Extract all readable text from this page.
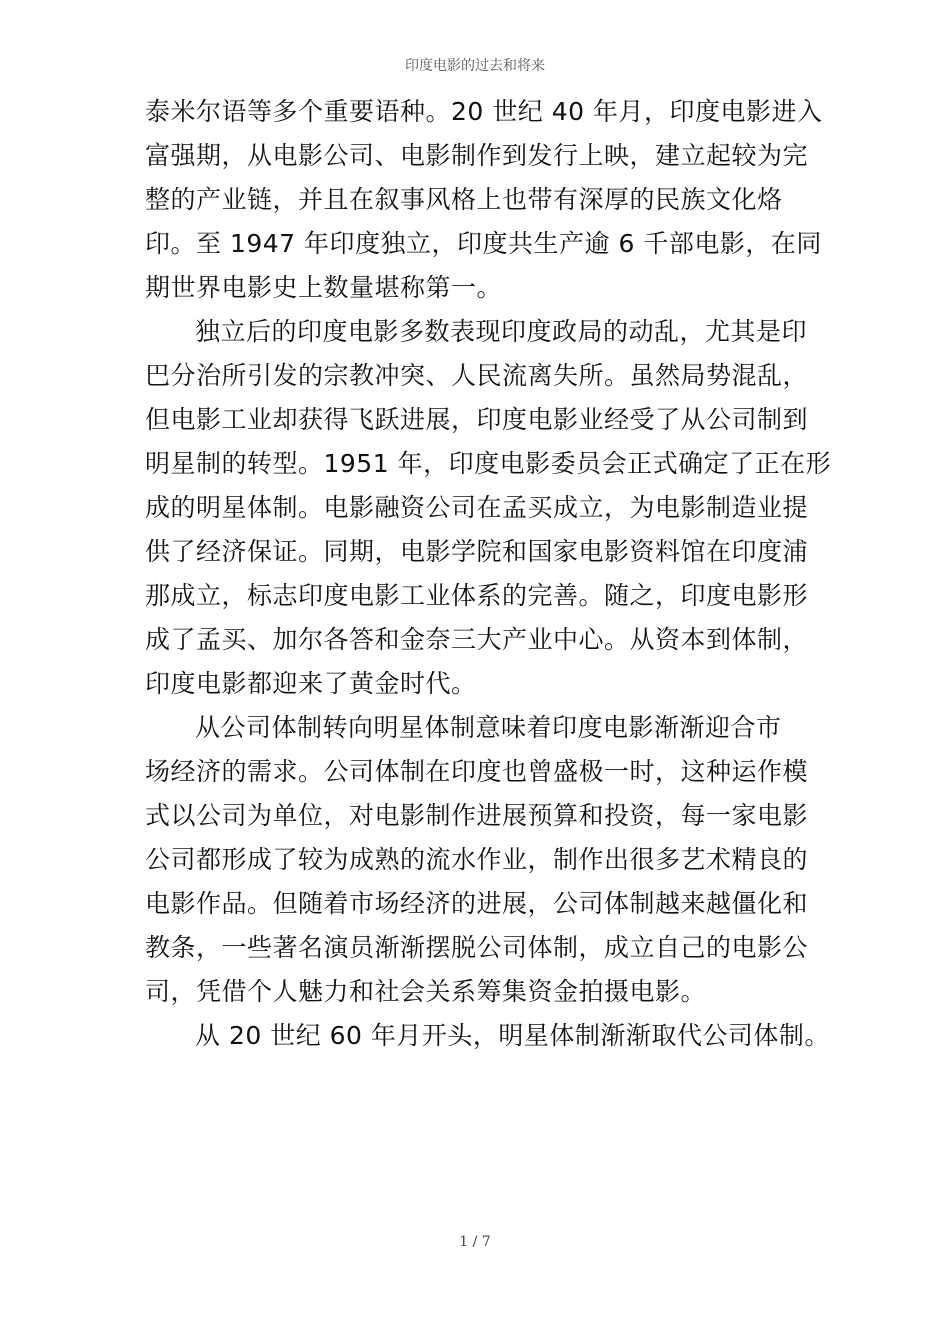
印度电影的过去和将来
泰米尔语等多个重要语种。20 世纪 40 年月，印度电影进入
富强期，从电影公司、电影制作到发行上映，建立起较为完
整的产业链，并且在叙事风格上也带有深厚的民族文化烙
印。至 1947 年印度独立，印度共生产逾 6 千部电影，在同
期世界电影史上数量堪称第一。
独立后的印度电影多数表现印度政局的动乱，尤其是印
巴分治所引发的宗教冲突、人民流离失所。虽然局势混乱，
但电影工业却获得飞跃进展，印度电影业经受了从公司制到
明星制的转型。1951 年，印度电影委员会正式确定了正在形
成的明星体制。电影融资公司在孟买成立，为电影制造业提
供了经济保证。同期，电影学院和国家电影资料馆在印度浦
那成立，标志印度电影工业体系的完善。随之，印度电影形
成了孟买、加尔各答和金奈三大产业中心。从资本到体制，
印度电影都迎来了黄金时代。
从公司体制转向明星体制意味着印度电影渐渐迎合市
场经济的需求。公司体制在印度也曾盛极一时，这种运作模
式以公司为单位，对电影制作进展预算和投资，每一家电影
公司都形成了较为成熟的流水作业，制作出很多艺术精良的
电影作品。但随着市场经济的进展，公司体制越来越僵化和
教条，一些著名演员渐渐摆脱公司体制，成立自己的电影公
司，凭借个人魅力和社会关系筹集资金拍摄电影。
从 20 世纪 60 年月开头，明星体制渐渐取代公司体制。
1 / 7
